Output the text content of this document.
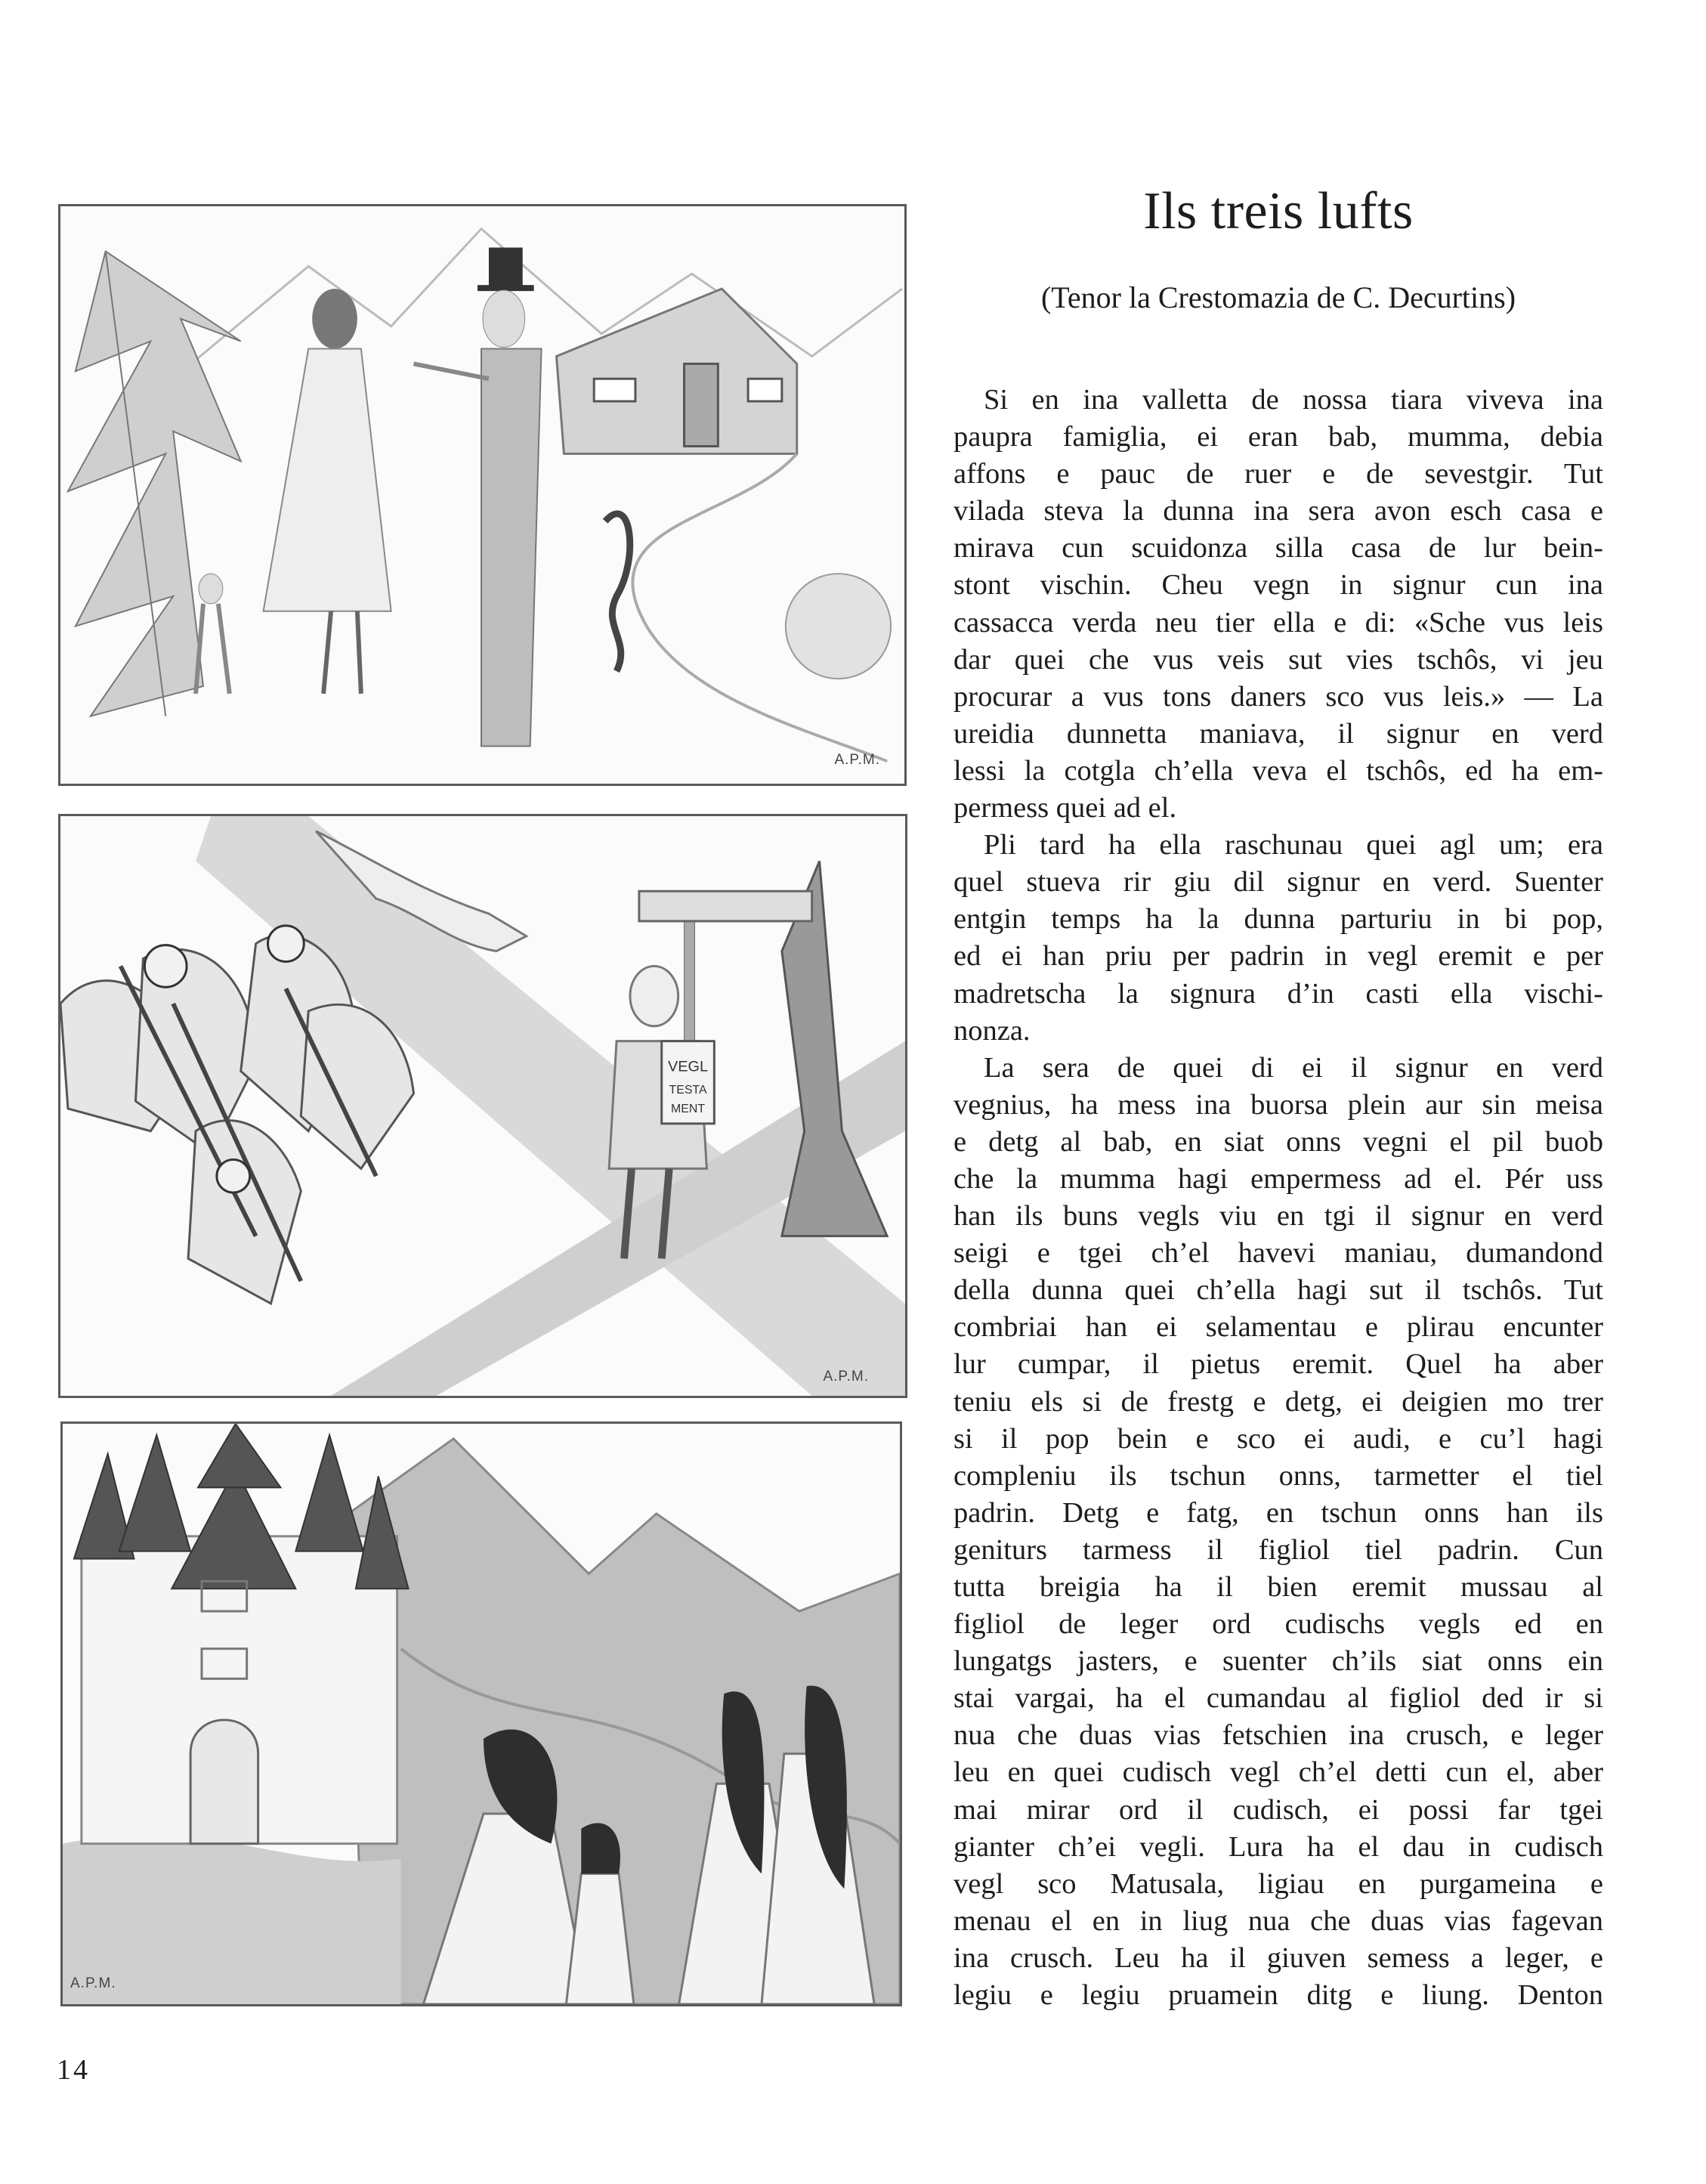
A.P.M.
VEGL
TESTA
MENT
A.P.M.
A.P.M.
Ils treis lufts
(Tenor la Crestomazia de C. Decurtins)

Si en ina valletta de nossa tiara viveva ina
paupra famiglia, ei eran bab, mumma, debia
affons e pauc de ruer e de sevestgir. Tut
vilada steva la dunna ina sera avon esch casa e
mirava cun scuidonza silla casa de lur bein-
stont vischin. Cheu vegn in signur cun ina
cassacca verda neu tier ella e di: «Sche vus leis
dar quei che vus veis sut vies tschôs, vi jeu
procurar a vus tons daners sco vus leis.» — La
ureidia dunnetta maniava, il signur en verd
lessi la cotgla ch’ella veva el tschôs, ed ha em-
permess quei ad el.

Pli tard ha ella raschunau quei agl um; era
quel stueva rir giu dil signur en verd. Suenter
entgin temps ha la dunna parturiu in bi pop,
ed ei han priu per padrin in vegl eremit e per
madretscha la signura d’in casti ella vischi-
nonza.

La sera de quei di ei il signur en verd
vegnius, ha mess ina buorsa plein aur sin meisa
e detg al bab, en siat onns vegni el pil buob
che la mumma hagi empermess ad el. Pér uss
han ils buns vegls viu en tgi il signur en verd
seigi e tgei ch’el havevi maniau, dumandond
della dunna quei ch’ella hagi sut il tschôs. Tut
combriai han ei selamentau e plirau encunter
lur cumpar, il pietus eremit. Quel ha aber
teniu els si de frestg e detg, ei deigien mo trer
si il pop bein e sco ei audi, e cu’l hagi
compleniu ils tschun onns, tarmetter el tiel
padrin. Detg e fatg, en tschun onns han ils
geniturs tarmess il figliol tiel padrin. Cun
tutta breigia ha il bien eremit mussau al
figliol de leger ord cudischs vegls ed en
lungatgs jasters, e suenter ch’ils siat onns ein
stai vargai, ha el cumandau al figliol ded ir si
nua che duas vias fetschien ina crusch, e leger
leu en quei cudisch vegl ch’el detti cun el, aber
mai mirar ord il cudisch, ei possi far tgei
gianter ch’ei vegli. Lura ha el dau in cudisch
vegl sco Matusala, ligiau en purgameina e
menau el en in liug nua che duas vias fagevan
ina crusch. Leu ha il giuven semess a leger, e
legiu e legiu pruamein ditg e liung. Denton

14
